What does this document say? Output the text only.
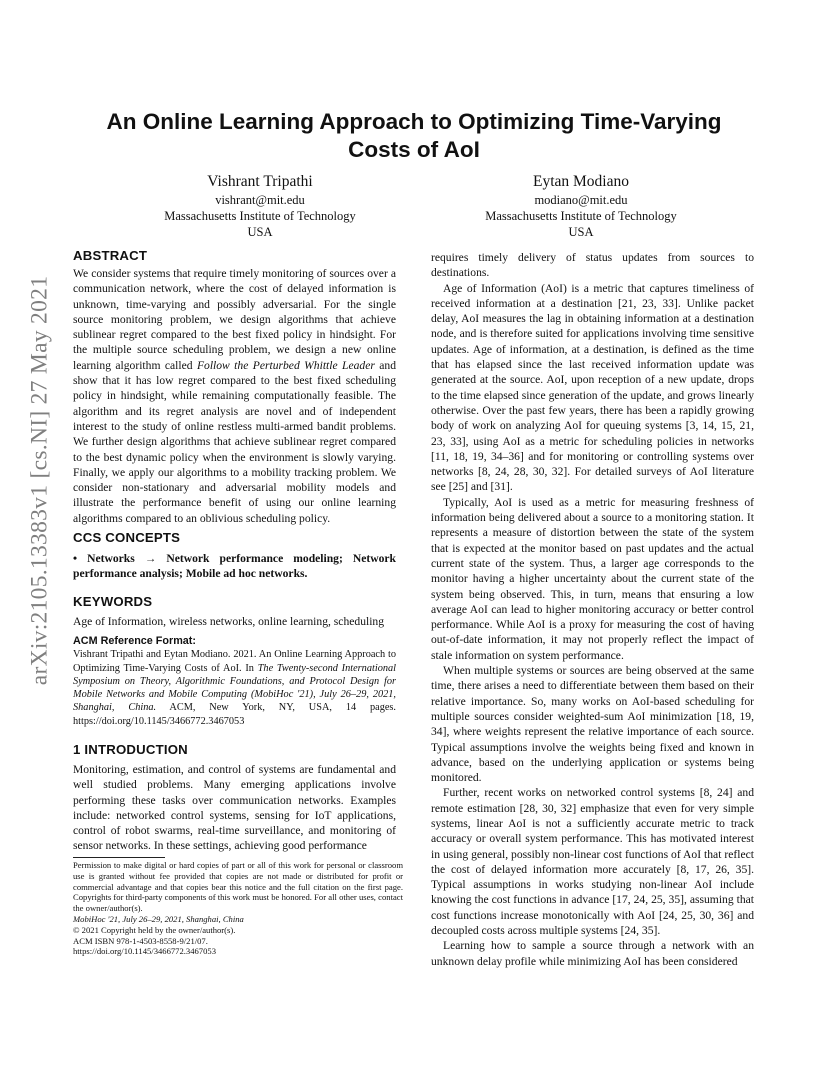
arXiv:2105.13383v1 [cs.NI] 27 May 2021
An Online Learning Approach to Optimizing Time-Varying Costs of AoI
Vishrant Tripathi
vishrant@mit.edu
Massachusetts Institute of Technology
USA
Eytan Modiano
modiano@mit.edu
Massachusetts Institute of Technology
USA
ABSTRACT

We consider systems that require timely monitoring of sources over a communication network, where the cost of delayed information is unknown, time-varying and possibly adversarial. For the single source monitoring problem, we design algorithms that achieve sublinear regret compared to the best fixed policy in hindsight. For the multiple source scheduling problem, we design a new online learning algorithm called Follow the Perturbed Whittle Leader and show that it has low regret compared to the best fixed scheduling policy in hindsight, while remaining computationally feasible. The algorithm and its regret analysis are novel and of independent interest to the study of online restless multi-armed bandit problems. We further design algorithms that achieve sublinear regret compared to the best dynamic policy when the environment is slowly varying. Finally, we apply our algorithms to a mobility tracking problem. We consider non-stationary and adversarial mobility models and illustrate the performance benefit of using our online learning algorithms compared to an oblivious scheduling policy.

CCS CONCEPTS

• Networks → Network performance modeling; Network performance analysis; Mobile ad hoc networks.

KEYWORDS

Age of Information, wireless networks, online learning, scheduling

ACM Reference Format:

Vishrant Tripathi and Eytan Modiano. 2021. An Online Learning Approach to Optimizing Time-Varying Costs of AoI. In The Twenty-second International Symposium on Theory, Algorithmic Foundations, and Protocol Design for Mobile Networks and Mobile Computing (MobiHoc '21), July 26–29, 2021, Shanghai, China. ACM, New York, NY, USA, 14 pages. https://doi.org/10.1145/3466772.3467053

1 INTRODUCTION

Monitoring, estimation, and control of systems are fundamental and well studied problems. Many emerging applications involve performing these tasks over communication networks. Examples include: networked control systems, sensing for IoT applications, control of robot swarms, real-time surveillance, and monitoring of sensor networks. In these settings, achieving good performance

Permission to make digital or hard copies of part or all of this work for personal or classroom use is granted without fee provided that copies are not made or distributed for profit or commercial advantage and that copies bear this notice and the full citation on the first page. Copyrights for third-party components of this work must be honored. For all other uses, contact the owner/author(s).

MobiHoc '21, July 26–29, 2021, Shanghai, China
© 2021 Copyright held by the owner/author(s).
ACM ISBN 978-1-4503-8558-9/21/07.
https://doi.org/10.1145/3466772.3467053

requires timely delivery of status updates from sources to destinations.

Age of Information (AoI) is a metric that captures timeliness of received information at a destination [21, 23, 33]. Unlike packet delay, AoI measures the lag in obtaining information at a destination node, and is therefore suited for applications involving time sensitive updates. Age of information, at a destination, is defined as the time that has elapsed since the last received information update was generated at the source. AoI, upon reception of a new update, drops to the time elapsed since generation of the update, and grows linearly otherwise. Over the past few years, there has been a rapidly growing body of work on analyzing AoI for queuing systems [3, 14, 15, 21, 23, 33], using AoI as a metric for scheduling policies in networks [11, 18, 19, 34–36] and for monitoring or controlling systems over networks [8, 24, 28, 30, 32]. For detailed surveys of AoI literature see [25] and [31].

Typically, AoI is used as a metric for measuring freshness of information being delivered about a source to a monitoring station. It represents a measure of distortion between the state of the system that is expected at the monitor based on past updates and the actual current state of the system. Thus, a larger age corresponds to the monitor having a higher uncertainty about the current state of the system being observed. This, in turn, means that ensuring a low average AoI can lead to higher monitoring accuracy or better control performance. While AoI is a proxy for measuring the cost of having out-of-date information, it may not properly reflect the impact of stale information on system performance.

When multiple systems or sources are being observed at the same time, there arises a need to differentiate between them based on their relative importance. So, many works on AoI-based scheduling for multiple sources consider weighted-sum AoI minimization [18, 19, 34], where weights represent the relative importance of each source. Typical assumptions involve the weights being fixed and known in advance, based on the underlying application or systems being monitored.

Further, recent works on networked control systems [8, 24] and remote estimation [28, 30, 32] emphasize that even for very simple systems, linear AoI is not a sufficiently accurate metric to track accuracy or overall system performance. This has motivated interest in using general, possibly non-linear cost functions of AoI that reflect the cost of delayed information more accurately [8, 17, 26, 35]. Typical assumptions in works studying non-linear AoI include knowing the cost functions in advance [17, 24, 25, 35], assuming that cost functions increase monotonically with AoI [24, 25, 30, 36] and decoupled costs across multiple systems [24, 35].

Learning how to sample a source through a network with an unknown delay profile while minimizing AoI has been considered
